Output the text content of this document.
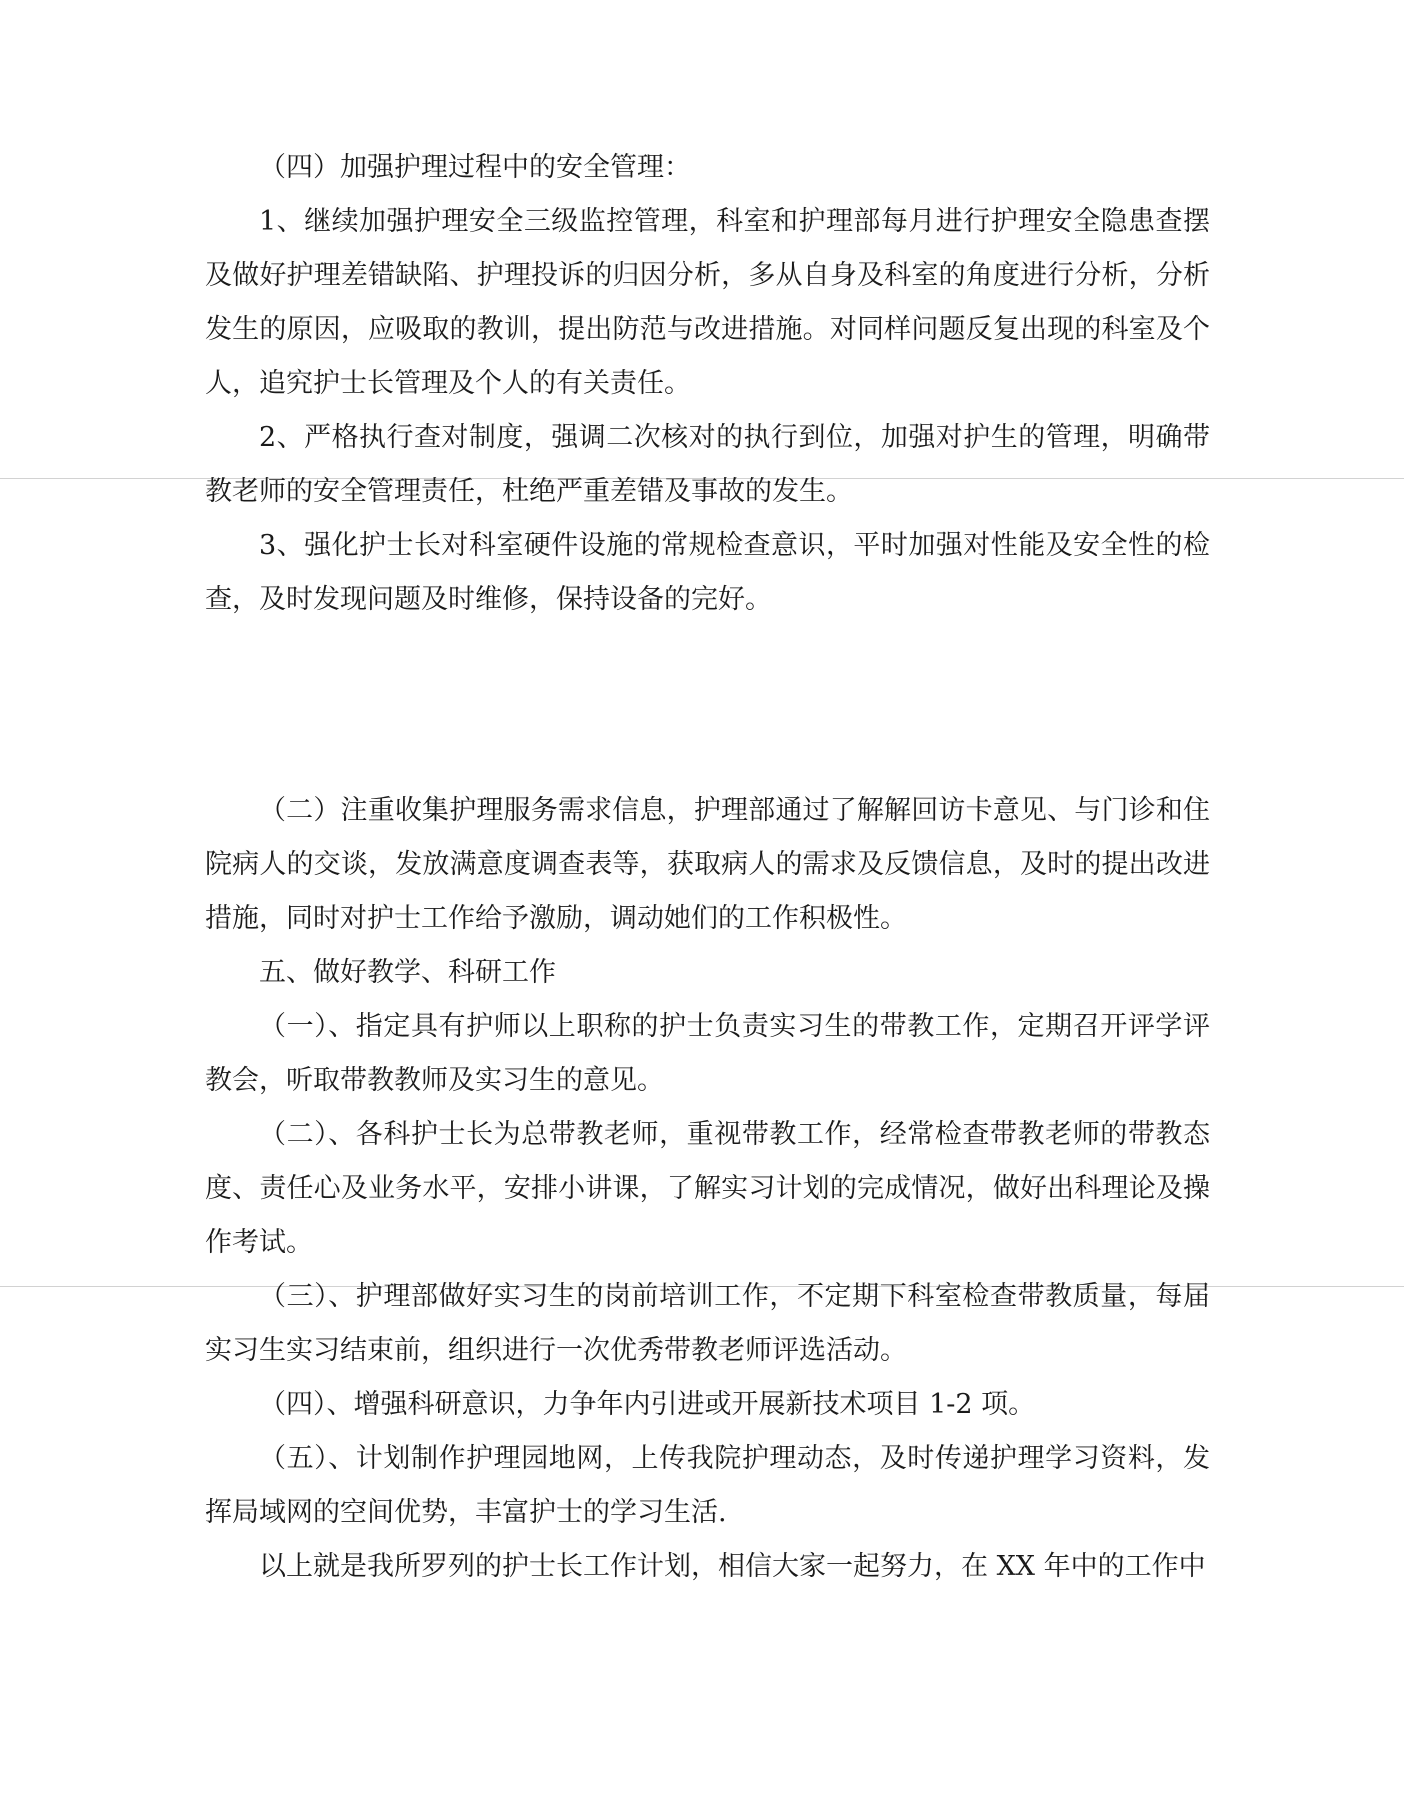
（四）加强护理过程中的安全管理：

1、继续加强护理安全三级监控管理，科室和护理部每月进行护理安全隐患查摆及做好护理差错缺陷、护理投诉的归因分析，多从自身及科室的角度进行分析，分析发生的原因，应吸取的教训，提出防范与改进措施。对同样问题反复出现的科室及个人，追究护士长管理及个人的有关责任。

2、严格执行查对制度，强调二次核对的执行到位，加强对护生的管理，明确带教老师的安全管理责任，杜绝严重差错及事故的发生。

3、强化护士长对科室硬件设施的常规检查意识，平时加强对性能及安全性的检查，及时发现问题及时维修，保持设备的完好。

（二）注重收集护理服务需求信息，护理部通过了解解回访卡意见、与门诊和住院病人的交谈，发放满意度调查表等，获取病人的需求及反馈信息，及时的提出改进措施，同时对护士工作给予激励，调动她们的工作积极性。

五、做好教学、科研工作

（一）、指定具有护师以上职称的护士负责实习生的带教工作，定期召开评学评教会，听取带教教师及实习生的意见。

（二）、各科护士长为总带教老师，重视带教工作，经常检查带教老师的带教态度、责任心及业务水平，安排小讲课，了解实习计划的完成情况，做好出科理论及操作考试。

（三）、护理部做好实习生的岗前培训工作，不定期下科室检查带教质量，每届实习生实习结束前，组织进行一次优秀带教老师评选活动。

（四）、增强科研意识，力争年内引进或开展新技术项目 1-2 项。

（五）、计划制作护理园地网，上传我院护理动态，及时传递护理学习资料，发挥局域网的空间优势，丰富护士的学习生活.

以上就是我所罗列的护士长工作计划，相信大家一起努力，在 XX 年中的工作中
